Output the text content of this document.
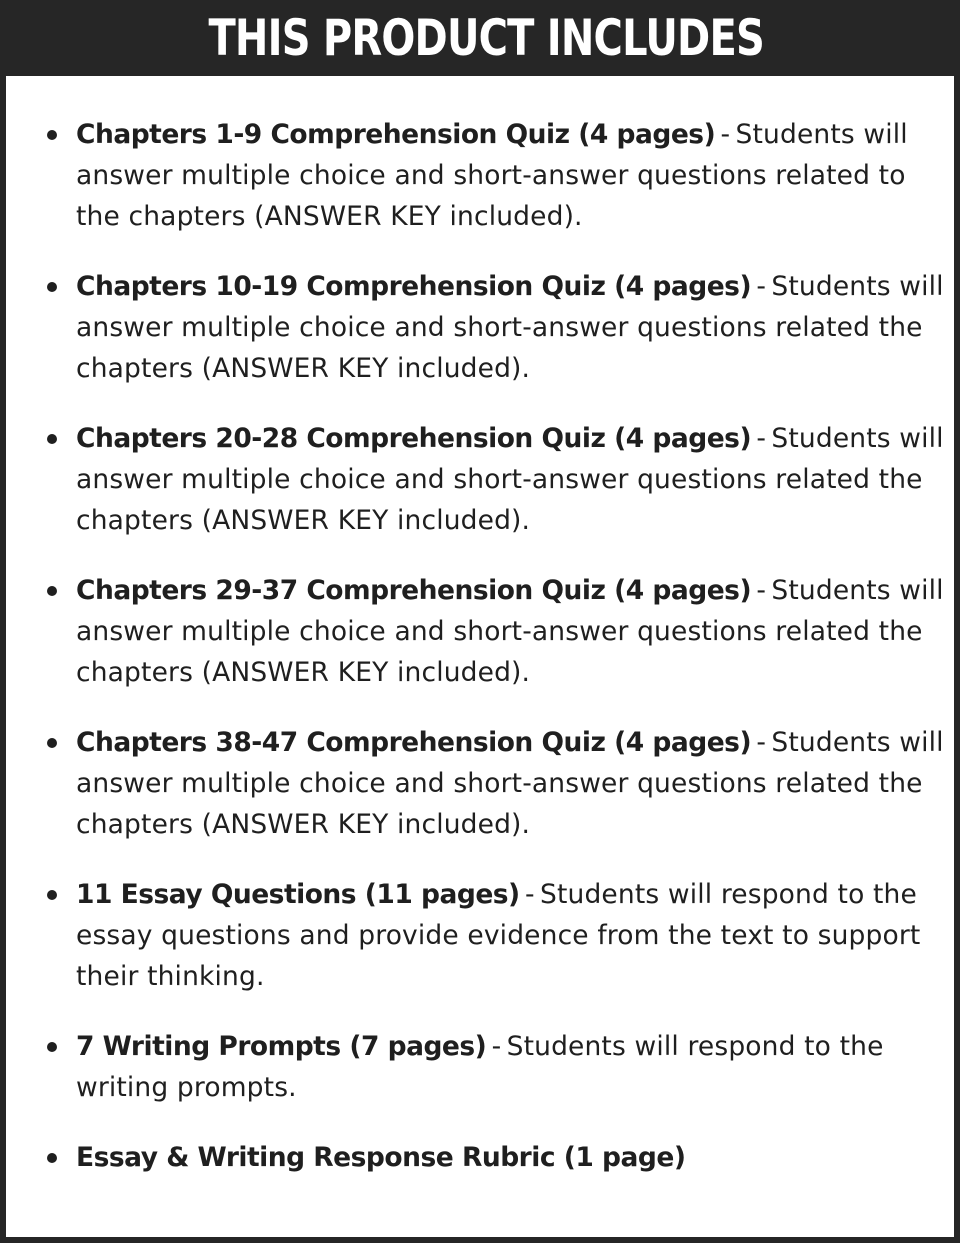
THIS PRODUCT INCLUDES
Chapters 1-9 Comprehension Quiz (4 pages) - Students will answer multiple choice and short-answer questions related to the chapters (ANSWER KEY included).
Chapters 10-19 Comprehension Quiz (4 pages) - Students will answer multiple choice and short-answer questions related the chapters (ANSWER KEY included).
Chapters 20-28 Comprehension Quiz (4 pages) - Students will answer multiple choice and short-answer questions related the chapters (ANSWER KEY included).
Chapters 29-37 Comprehension Quiz (4 pages) - Students will answer multiple choice and short-answer questions related the chapters (ANSWER KEY included).
Chapters 38-47 Comprehension Quiz (4 pages) - Students will answer multiple choice and short-answer questions related the chapters (ANSWER KEY included).
11 Essay Questions (11 pages) - Students will respond to the essay questions and provide evidence from the text to support their thinking.
7 Writing Prompts (7 pages) - Students will respond to the writing prompts.
Essay & Writing Response Rubric (1 page)
